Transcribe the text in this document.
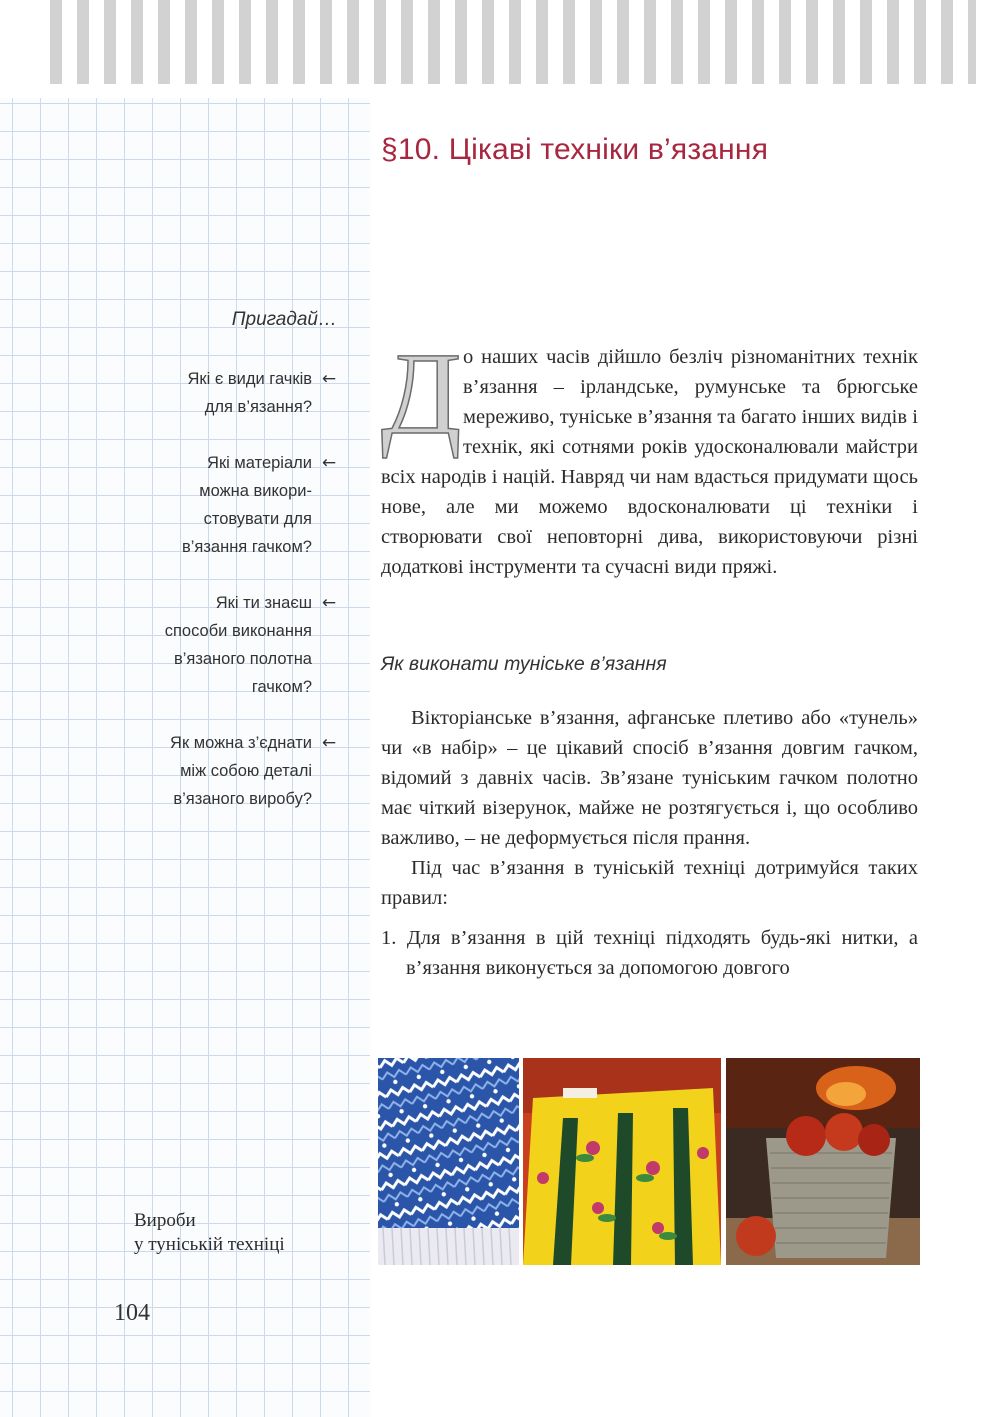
§10. Цікаві техніки в’язання
Пригадай…
Які є види гачків
для в’язання?
←
Які матеріали
можна викори-
стовувати для
в’язання гачком?
←
Які ти знаєш
способи виконання
в’язаного полотна
гачком?
←
Як можна з’єднати
між собою деталі
в’язаного виробу?
←

До наших часів дійшло безліч різноманітних технік в’язання – ірландське, румунське та брюгське мереживо, туніське в’язання та багато інших видів і технік, які сотнями років удосконалювали майстри всіх народів і націй. Навряд чи нам вдасться придумати щось нове, але ми можемо вдосконалювати ці техніки і створювати свої неповторні дива, використовуючи різні додаткові інструменти та сучасні види пряжі.

Як виконати туніське в’язання

Вікторіанське в’язання, афганське плетиво або «тунель» чи «в набір» – це цікавий спосіб в’язання довгим гачком, відомий з давніх часів. Зв’язане туніським гачком полотно має чіткий візерунок, майже не розтягується і, що особливо важливо, – не деформується після прання.

Під час в’язання в туніській техніці дотримуйся таких правил:

1. Для в’язання в цій техніці підходять будь-які нитки, а в’язання виконується за допомогою довгого
Вироби
у туніській техніці
104
